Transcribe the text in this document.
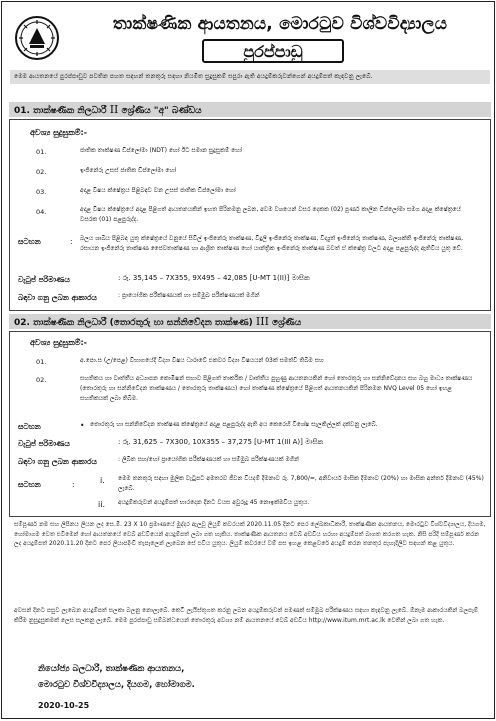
තාක්ෂණික ආයතනය, මොරටුව විශ්වවිද්‍යාලය
පුරප්පාඩු
මෙම ආයතනයේ පුරප්පාඩුව පවතින පහත සඳහන් තනතුරු සඳහා නියමිත සුදුසුකම් සපුරා ඇති අයදුම්කරුවන්ගෙන් අයදුම්පත් කැඳවනු ලැබේ.
01. තාක්ෂණික නිලධාරී II ශ්‍රේණිය "අ" බණ්ඩය
අවශ්‍ය සුදුසුකම්:-
01.	ජාතික තාක්ෂණ ඩිප්ලෝමා (NDT) හෝ ඊට සමාන සුදුසුකම් හෝ
02.	ඉංජිනේරු උසස් ජාතික ඩිප්ලෝමා හෝ
03.	අදාළ විෂය ක්ෂේත්‍රය පිළිබඳව වන උසස් ජාතික ඩිප්ලෝමා හෝ
04.	අදාළ විෂය ක්ෂේත්‍රයේ අදාළ පිළිගත් ආයතනයකින් ඉහත පිරිනමනු ලබන, අවම වශයෙන් වසර දෙකක (02) පූර්ණ කාලීන ඩිප්ලෝමා සමග අදාළ ක්ෂේත්‍රයේ වසරක (01) පළපුරුද්ද.
සටහන	: බලය ශාඛීය පිළිබඳ යුතු ක්ෂේත්‍රයේ වනුයේ සිවිල් ඉංජිනේරු තාක්ෂණ, විදුලි ඉංජිනේරු තාක්ෂණ, විද්‍යුත් ඉංජිනේරු තාක්ෂණ, බලශක්ති ඉංජිනේරු තාක්ෂණ, රසායන ඉංජිනේරු තාක්ෂණ ජෛවතාක්ෂණ හා ආශ්‍රිත තාක්ෂණ හෝ යාන්ත්‍රික ඉංජිනේරු තාක්ෂණ බවත් ඒ ක්ෂේත්‍ර වලට අදාළ පළපුරුද්ද ඇතිවිය යුතු වේ.
වැටුප් පරිමාණය	: රු. 35,145 – 7X355, 9X495 – 42,085 [U-MT 1(II)] මාසික
බඳවා ගනු ලබන ආකාරය	: ප්‍රායෝගික පරීක්ෂණයක් හා සම්මුඛ පරීක්ෂණයක් මගින්
02. තාක්ෂණික නිලධාරී (තොරතුරු හා සන්නිවේදන තාක්ෂණ) III ශ්‍රේණිය
අවශ්‍ය සුදුසුකම්:-
01.	අ.පො.ස (උ/පෙළ) විභාගයේදී විද්‍යා විෂය ධාරාවේ එකවර විද්‍යා විෂයයන් 03ක් සමත්වී තිබීම සහ
02.	සහතිකය හා වෘත්තීය අධ්‍යාපන කොමිෂන් සභාව පිළිගත් තාර්කික / වෘත්තීය පුහුණු ආයතනයකින් හෝ තොරතුරු හා සන්නිවේදනය සහ බහු මාධ්‍ය තාක්ෂණය (තොරතුරු හා සන්නිවේදන තාක්ෂණය / තොරතුරු තාක්ෂණය) හෝ තාක්ෂණ ක්ෂේත්‍රයේ පිළිගත් ආයතනයකින් පිරිනමන NVQ Level 05 හෝ ඉහළ සහතිකයක් ලබා තිබීම.
සටහන	• තොරතුරු හා සන්නිවේදන තාක්ෂණ ක්ෂේත්‍රයේ අදාළ පළපුරුද්ද ඇති අය කෙරෙහි විශේෂ සැලකිල්ලක් දක්වනු ලැබේ.
වැටුප් පරිමාණය	: රු. 31,625 – 7X300, 10X355 – 37,275 [U-MT 1(III A)] මාසික
බඳවා ගනු ලබන ආකාරය	: ලිඛිත සහ/හෝ ප්‍රායෝගික පරීක්ෂණයක් හා සම්මුඛ පරීක්ෂණයක් මගින්
සටහන	:	i. මෙම තනතුරු සඳහා මුලික වැටුපට අමතරව ජීවන වියදම් දීමනාව රු. 7,800/=, අනිවාර්ය මාසික දීමනාව (20%) හා මාසික අන්තර් දීමනාව (45%) ලැබේ.
ii. අයදුම්කරුවන් අයදුම්පත් භාරදෙන දිනට වයස අවුරුදු 45 නොඉක්මවිය යුතුය.
සම්පූර්ණ නම සහ ලිපිනය ලියන ලද සෙ.මී. 23 X 10 ප්‍රමාණයේ මුද්දර ඇලවූ ලියුම් කවරයක් 2020.11.05 දිනට පෙර ලේඛකාධිකාරී, තාක්ෂණික ආයතනය, මොරටුව විශ්වවිද්‍යාලය, දියගම, හෝමාගම වෙත එවීමෙන් හෝ ආයතනයේ වෙබ් අඩවියෙන් අයදුම්පත් ලබා ගත හැකිය. තාක්ෂණික ආයතනය වෙබ් අඩවිය හරහා අයදුම්පත් බාගත කරගත හැක. නිසි පරිදි සම්පූර්ණ කරන ලද අයදුම්පත් 2020.11.20 දිනට පෙර ලියාපදිංචි තැපෑලෙන් ලැබෙන සේ එවිය යුතුය. ලියුම් කවරයේ වම් පස ඉහළ කෙළවරේ අයදුම් කරන තනතුර පැහැදිලිව සඳහන් කළ යුතුය.
අවසන් දිනට පසුව ලැබෙන අයදුම්පත් සලකා බලනු නොලැබේ. කෙටි ලැයිස්තුගත කරනු ලබන අයදුම්කරුවන් පමණක් සම්මුඛ පරීක්ෂණය සඳහා කැඳවනු ලැබේ. ඕනෑම ආකාරයකින් බලපෑම් කිරීම නුසුදුසුකමක් ලෙස සලකනු ලැබේ. මෙම පුරප්පාඩු සම්බන්ධයෙන් තොරතුරු අවශ්‍ය නම් ආයතනයේ වෙබ් අඩවිය http://www.itum.mrt.ac.lk වෙතින් ලබා ගත හැක.
නියෝජ්‍ය බලධාරී, තාක්ෂණික ආයතනය,
මොරටුව විශ්වවිද්‍යාලය, දියගම, හෝමාගම.
2020-10-25
